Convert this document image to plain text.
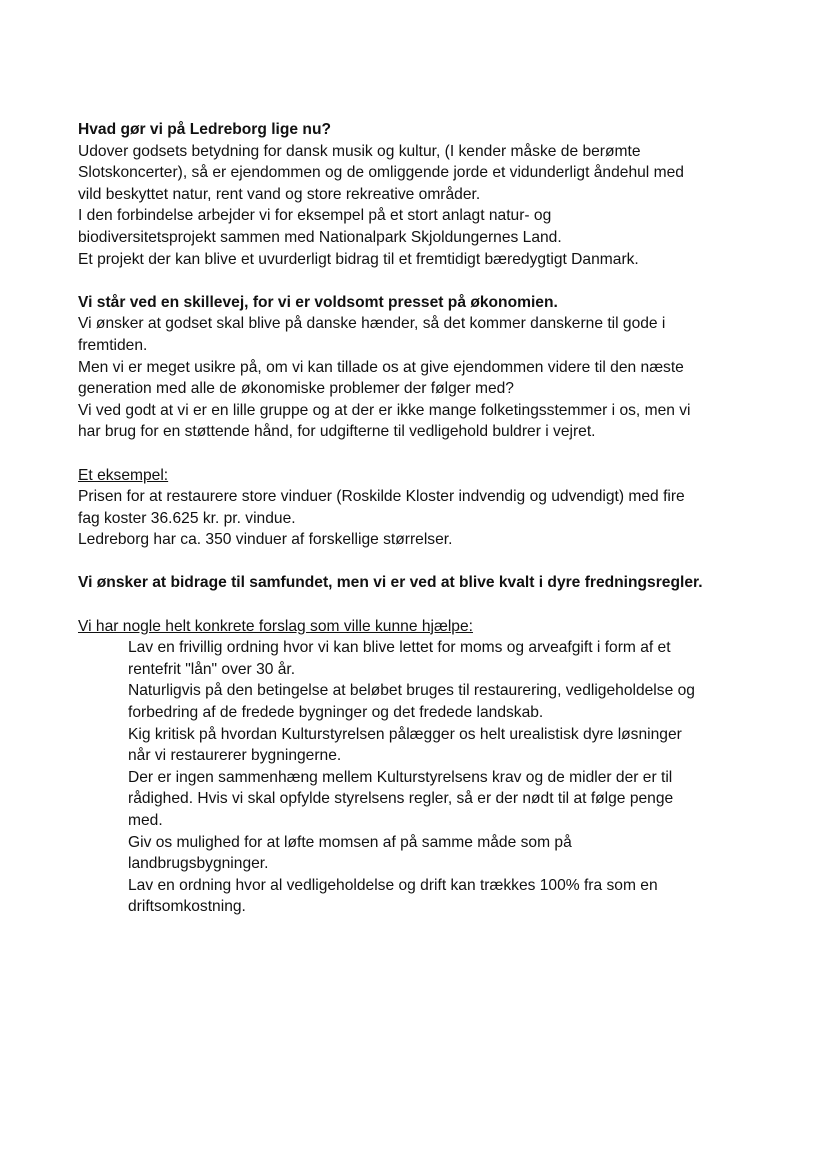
Hvad gør vi på Ledreborg lige nu?
Udover godsets betydning for dansk musik og kultur, (I kender måske de berømte
Slotskoncerter), så er ejendommen og de omliggende jorde et vidunderligt åndehul med
vild beskyttet natur, rent vand og store rekreative områder.
I den forbindelse arbejder vi for eksempel på et stort anlagt natur- og
biodiversitetsprojekt sammen med Nationalpark Skjoldungernes Land.
Et projekt der kan blive et uvurderligt bidrag til et fremtidigt bæredygtigt Danmark.
Vi står ved en skillevej, for vi er voldsomt presset på økonomien.
Vi ønsker at godset skal blive på danske hænder, så det kommer danskerne til gode i
fremtiden.
Men vi er meget usikre på, om vi kan tillade os at give ejendommen videre til den næste
generation med alle de økonomiske problemer der følger med?
Vi ved godt at vi er en lille gruppe og at der er ikke mange folketingsstemmer i os, men vi
har brug for en støttende hånd, for udgifterne til vedligehold buldrer i vejret.
Et eksempel:
Prisen for at restaurere store vinduer (Roskilde Kloster indvendig og udvendigt) med fire
fag koster 36.625 kr. pr. vindue.
Ledreborg har ca. 350 vinduer af forskellige størrelser.
Vi ønsker at bidrage til samfundet, men vi er ved at blive kvalt i dyre fredningsregler.
Vi har nogle helt konkrete forslag som ville kunne hjælpe:
Lav en frivillig ordning hvor vi kan blive lettet for moms og arveafgift i form af et
rentefrit "lån" over 30 år.
Naturligvis på den betingelse at beløbet bruges til restaurering, vedligeholdelse og
forbedring af de fredede bygninger og det fredede landskab.
Kig kritisk på hvordan Kulturstyrelsen pålægger os helt urealistisk dyre løsninger
når vi restaurerer bygningerne.
Der er ingen sammenhæng mellem Kulturstyrelsens krav og de midler der er til
rådighed. Hvis vi skal opfylde styrelsens regler, så er der nødt til at følge penge
med.
Giv os mulighed for at løfte momsen af på samme måde som på
landbrugsbygninger.
Lav en ordning hvor al vedligeholdelse og drift kan trækkes 100% fra som en
driftsomkostning.
